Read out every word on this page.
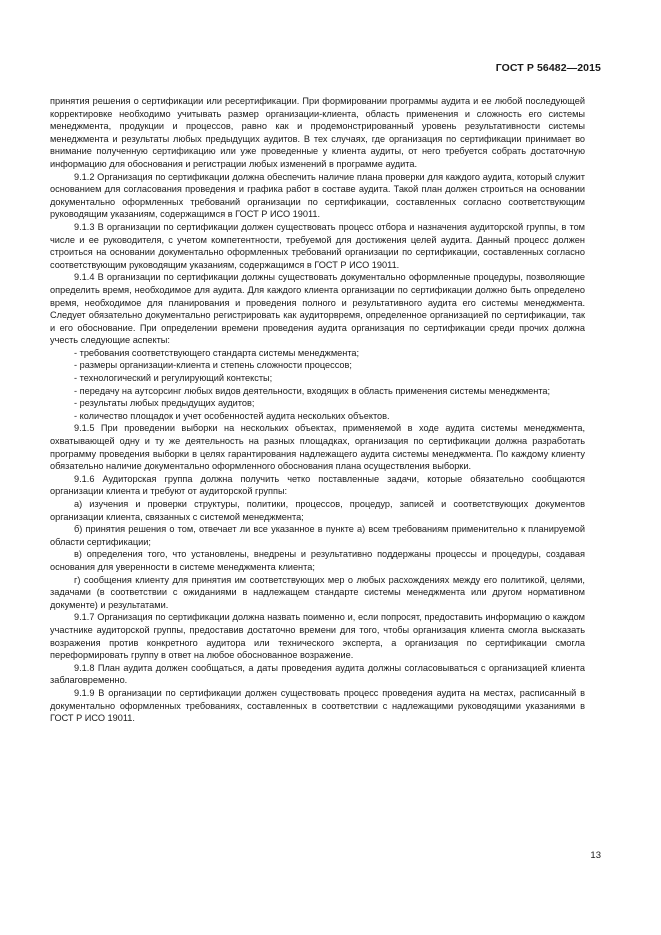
ГОСТ Р 56482—2015

принятия решения о сертификации или ресертификации. При формировании программы аудита и ее любой последующей корректировке необходимо учитывать размер организации-клиента, область применения и сложность его системы менеджмента, продукции и процессов, равно как и продемонстрированный уровень результативности системы менеджмента и результаты любых предыдущих аудитов. В тех случаях, где организация по сертификации принимает во внимание полученную сертификацию или уже проведенные у клиента аудиты, от него требуется собрать достаточную информацию для обоснования и регистрации любых изменений в программе аудита.

9.1.2 Организация по сертификации должна обеспечить наличие плана проверки для каждого аудита, который служит основанием для согласования проведения и графика работ в составе аудита. Такой план должен строиться на основании документально оформленных требований организации по сертификации, составленных согласно соответствующим руководящим указаниям, содержащимся в ГОСТ Р ИСО 19011.

9.1.3 В организации по сертификации должен существовать процесс отбора и назначения аудиторской группы, в том числе и ее руководителя, с учетом компетентности, требуемой для достижения целей аудита. Данный процесс должен строиться на основании документально оформленных требований организации по сертификации, составленных согласно соответствующим руководящим указаниям, содержащимся в ГОСТ Р ИСО 19011.

9.1.4 В организации по сертификации должны существовать документально оформленные процедуры, позволяющие определить время, необходимое для аудита. Для каждого клиента организации по сертификации должно быть определено время, необходимое для планирования и проведения полного и результативного аудита его системы менеджмента. Следует обязательно документально регистрировать как аудиторвремя, определенное организацией по сертификации, так и его обоснование. При определении времени проведения аудита организация по сертификации среди прочих должна учесть следующие аспекты:

- требования соответствующего стандарта системы менеджмента;

- размеры организации-клиента и степень сложности процессов;

- технологический и регулирующий контексты;

- передачу на аутсорсинг любых видов деятельности, входящих в область применения системы менеджмента;

- результаты любых предыдущих аудитов;

- количество площадок и учет особенностей аудита нескольких объектов.

9.1.5 При проведении выборки на нескольких объектах, применяемой в ходе аудита системы менеджмента, охватывающей одну и ту же деятельность на разных площадках, организация по сертификации должна разработать программу проведения выборки в целях гарантирования надлежащего аудита системы менеджмента. По каждому клиенту обязательно наличие документально оформленного обоснования плана осуществления выборки.

9.1.6 Аудиторская группа должна получить четко поставленные задачи, которые обязательно сообщаются организации клиента и требуют от аудиторской группы:

а) изучения и проверки структуры, политики, процессов, процедур, записей и соответствующих документов организации клиента, связанных с системой менеджмента;

б) принятия решения о том, отвечает ли все указанное в пункте а) всем требованиям применительно к планируемой области сертификации;

в) определения того, что установлены, внедрены и результативно поддержаны процессы и процедуры, создавая основания для уверенности в системе менеджмента клиента;

г) сообщения клиенту для принятия им соответствующих мер о любых расхождениях между его политикой, целями, задачами (в соответствии с ожиданиями в надлежащем стандарте системы менеджмента или другом нормативном документе) и результатами.

9.1.7 Организация по сертификации должна назвать поименно и, если попросят, предоставить информацию о каждом участнике аудиторской группы, предоставив достаточно времени для того, чтобы организация клиента смогла высказать возражения против конкретного аудитора или технического эксперта, а организация по сертификации смогла переформировать группу в ответ на любое обоснованное возражение.

9.1.8 План аудита должен сообщаться, а даты проведения аудита должны согласовываться с организацией клиента заблаговременно.

9.1.9 В организации по сертификации должен существовать процесс проведения аудита на местах, расписанный в документально оформленных требованиях, составленных в соответствии с надлежащими руководящими указаниями в ГОСТ Р ИСО 19011.

13
